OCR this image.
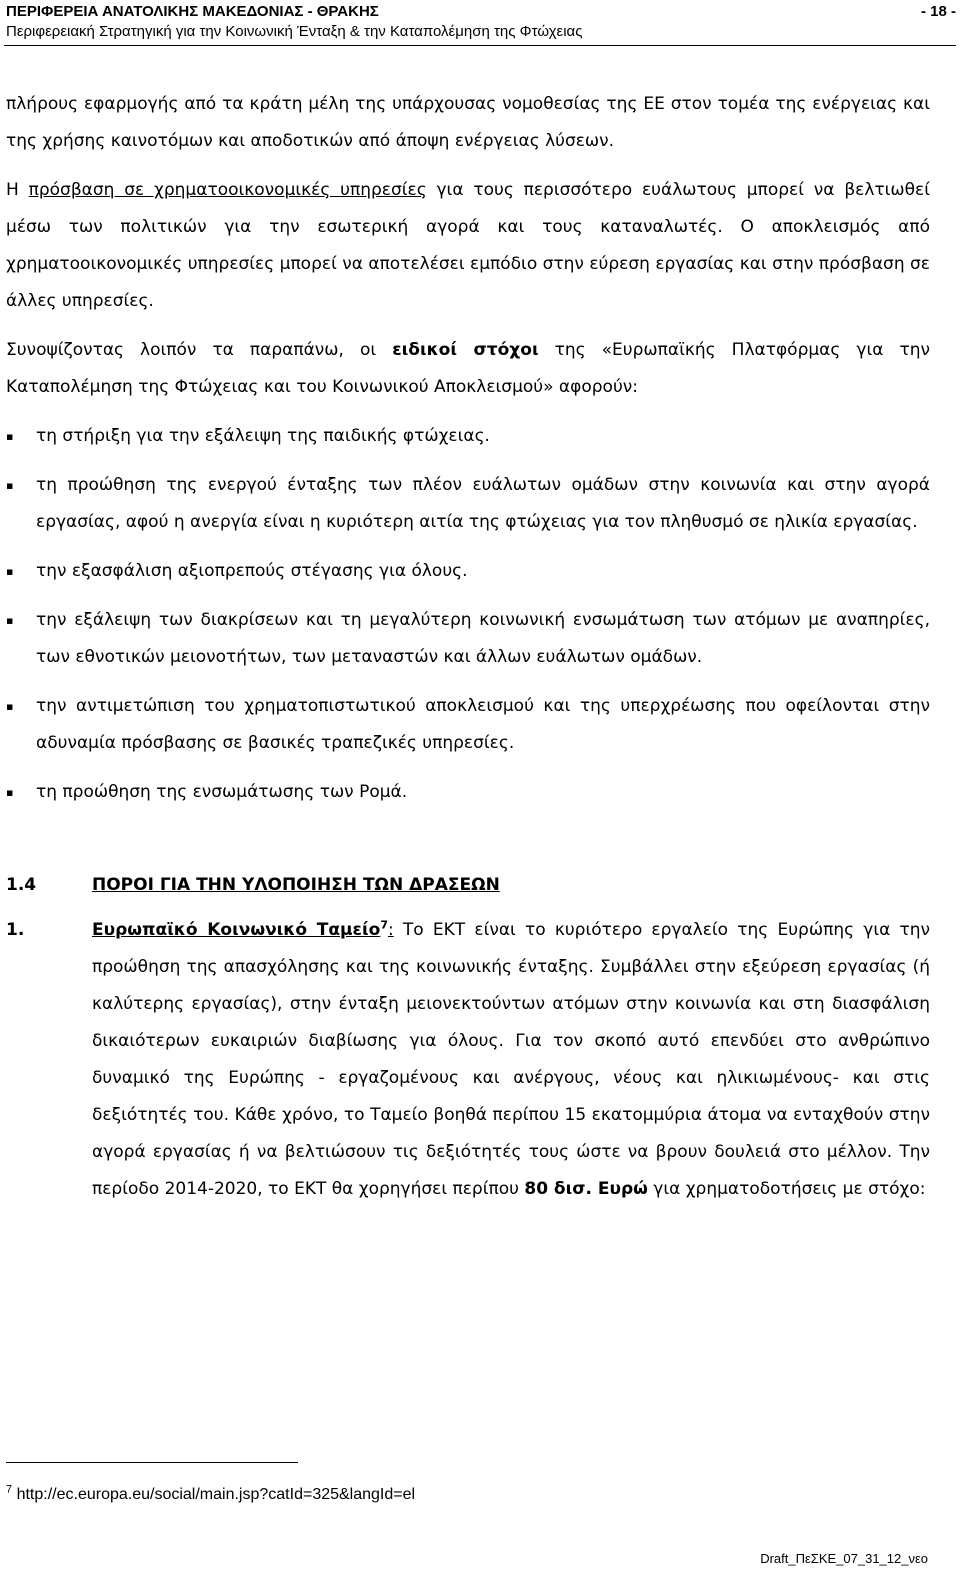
ΠΕΡΙΦΕΡΕΙΑ ΑΝΑΤΟΛΙΚΗΣ ΜΑΚΕΔΟΝΙΑΣ - ΘΡΑΚΗΣ	- 18 -
Περιφερειακή Στρατηγική για την Κοινωνική Ένταξη & την Καταπολέμηση της Φτώχειας

πλήρους εφαρμογής από τα κράτη μέλη της υπάρχουσας νομοθεσίας της ΕΕ στον τομέα της ενέργειας και της χρήσης καινοτόμων και αποδοτικών από άποψη ενέργειας λύσεων.

Η πρόσβαση σε χρηματοοικονομικές υπηρεσίες για τους περισσότερο ευάλωτους μπορεί να βελτιωθεί μέσω των πολιτικών για την εσωτερική αγορά και τους καταναλωτές. Ο αποκλεισμός από χρηματοοικονομικές υπηρεσίες μπορεί να αποτελέσει εμπόδιο στην εύρεση εργασίας και στην πρόσβαση σε άλλες υπηρεσίες.

Συνοψίζοντας λοιπόν τα παραπάνω, οι ειδικοί στόχοι της «Ευρωπαϊκής Πλατφόρμας για την Καταπολέμηση της Φτώχειας και του Κοινωνικού Αποκλεισμού» αφορούν:

▪	τη στήριξη για την εξάλειψη της παιδικής φτώχειας.
▪	τη προώθηση της ενεργού ένταξης των πλέον ευάλωτων ομάδων στην κοινωνία και στην αγορά εργασίας, αφού η ανεργία είναι η κυριότερη αιτία της φτώχειας για τον πληθυσμό σε ηλικία εργασίας.
▪	την εξασφάλιση αξιοπρεπούς στέγασης για όλους.
▪	την εξάλειψη των διακρίσεων και τη μεγαλύτερη κοινωνική ενσωμάτωση των ατόμων με αναπηρίες, των εθνοτικών μειονοτήτων, των μεταναστών και άλλων ευάλωτων ομάδων.
▪	την αντιμετώπιση του χρηματοπιστωτικού αποκλεισμού και της υπερχρέωσης που οφείλονται στην αδυναμία πρόσβασης σε βασικές τραπεζικές υπηρεσίες.
▪	τη προώθηση της ενσωμάτωσης των Ρομά.
1.4	ΠΟΡΟΙ ΓΙΑ ΤΗΝ ΥΛΟΠΟΙΗΣΗ ΤΩΝ ΔΡΑΣΕΩΝ
1.	Ευρωπαϊκό Κοινωνικό Ταμείο$^7$: Το ΕΚΤ είναι το κυριότερο εργαλείο της Ευρώπης για την προώθηση της απασχόλησης και της κοινωνικής ένταξης. Συμβάλλει στην εξεύρεση εργασίας (ή καλύτερης εργασίας), στην ένταξη μειονεκτούντων ατόμων στην κοινωνία και στη διασφάλιση δικαιότερων ευκαιριών διαβίωσης για όλους. Για τον σκοπό αυτό επενδύει στο ανθρώπινο δυναμικό της Ευρώπης - εργαζομένους και ανέργους, νέους και ηλικιωμένους- και στις δεξιότητές του. Κάθε χρόνο, το Ταμείο βοηθά περίπου 15 εκατομμύρια άτομα να ενταχθούν στην αγορά εργασίας ή να βελτιώσουν τις δεξιότητές τους ώστε να βρουν δουλειά στο μέλλον. Την περίοδο 2014-2020, το ΕΚΤ θα χορηγήσει περίπου 80 δισ. Ευρώ για χρηματοδοτήσεις με στόχο:
$^7$ http://ec.europa.eu/social/main.jsp?catId=325&langId=el
Draft_ΠεΣΚΕ_07_31_12_νεο
